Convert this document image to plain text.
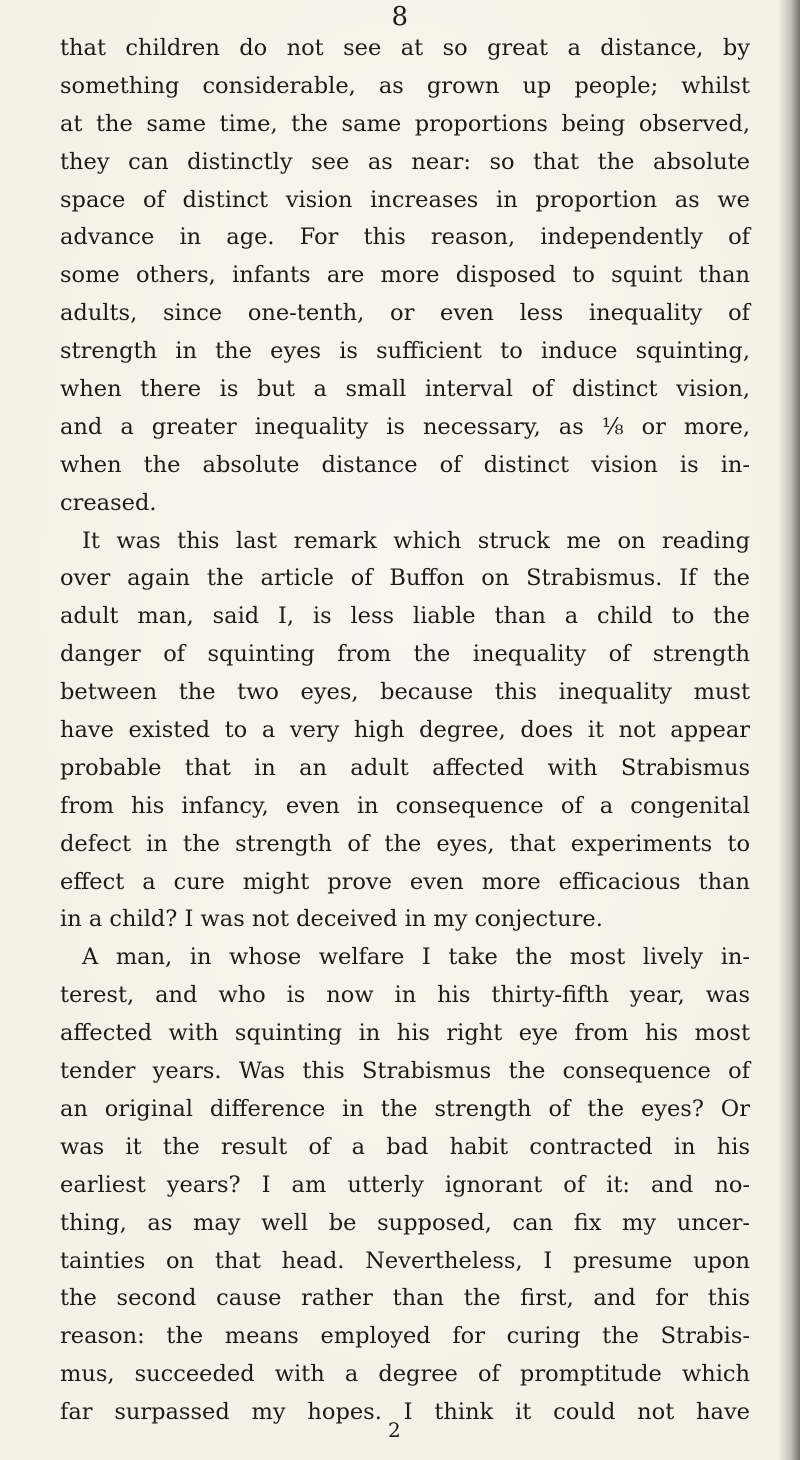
8
that children do not see at so great a distance, by
something considerable, as grown up people; whilst
at the same time, the same proportions being observed,
they can distinctly see as near: so that the absolute
space of distinct vision increases in proportion as we
advance in age. For this reason, independently of
some others, infants are more disposed to squint than
adults, since one-tenth, or even less inequality of
strength in the eyes is sufficient to induce squinting,
when there is but a small interval of distinct vision,
and a greater inequality is necessary, as ⅛ or more,
when the absolute distance of distinct vision is in-
creased.
It was this last remark which struck me on reading
over again the article of Buffon on Strabismus. If the
adult man, said I, is less liable than a child to the
danger of squinting from the inequality of strength
between the two eyes, because this inequality must
have existed to a very high degree, does it not appear
probable that in an adult affected with Strabismus
from his infancy, even in consequence of a congenital
defect in the strength of the eyes, that experiments to
effect a cure might prove even more efficacious than
in a child? I was not deceived in my conjecture.
A man, in whose welfare I take the most lively in-
terest, and who is now in his thirty-fifth year, was
affected with squinting in his right eye from his most
tender years. Was this Strabismus the consequence of
an original difference in the strength of the eyes? Or
was it the result of a bad habit contracted in his
earliest years? I am utterly ignorant of it: and no-
thing, as may well be supposed, can fix my uncer-
tainties on that head. Nevertheless, I presume upon
the second cause rather than the first, and for this
reason: the means employed for curing the Strabis-
mus, succeeded with a degree of promptitude which
far surpassed my hopes. I think it could not have
2
